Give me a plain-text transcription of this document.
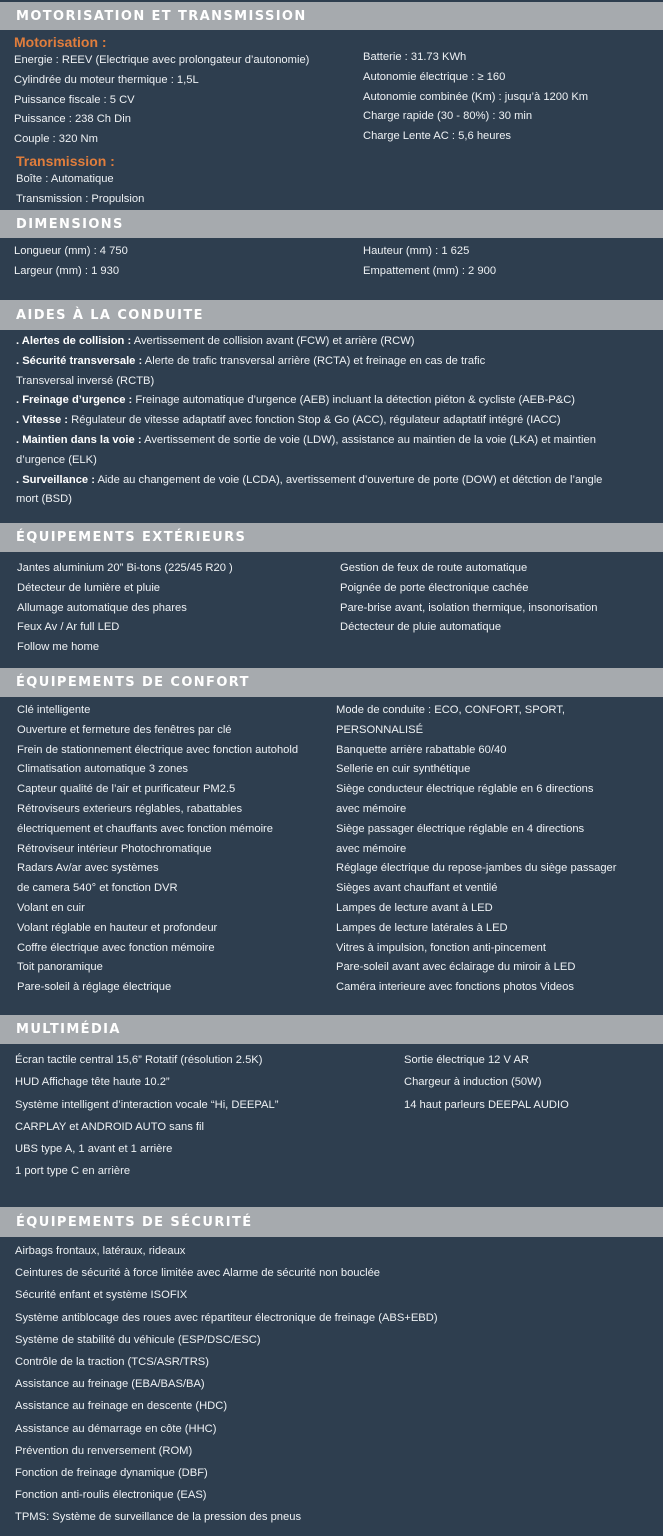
MOTORISATION ET TRANSMISSION
Motorisation :
Energie : REEV (Electrique avec prolongateur d’autonomie)
Cylindrée du moteur thermique : 1,5L
Puissance fiscale : 5 CV
Puissance : 238 Ch Din
Couple : 320 Nm
Transmission :
Boîte : Automatique
Transmission : Propulsion
Batterie : 31.73 KWh
Autonomie électrique : ≥ 160
Autonomie combinée (Km) : jusqu’à 1200 Km
Charge rapide (30 - 80%) : 30 min
Charge Lente AC : 5,6 heures
DIMENSIONS
Longueur (mm) : 4 750
Largeur (mm) : 1 930
Hauteur (mm) : 1 625
Empattement (mm) : 2 900
AIDES À LA CONDUITE
. Alertes de collision : Avertissement de collision avant (FCW) et arrière (RCW)
. Sécurité transversale : Alerte de trafic transversal arrière (RCTA) et freinage en cas de trafic
Transversal inversé (RCTB)
. Freinage d’urgence : Freinage automatique d’urgence (AEB) incluant la détection piéton & cycliste (AEB-P&C)
. Vitesse : Régulateur de vitesse adaptatif avec fonction Stop & Go (ACC), régulateur adaptatif intégré (IACC)
. Maintien dans la voie : Avertissement de sortie de voie (LDW), assistance au maintien de la voie (LKA) et maintien
d’urgence (ELK)
. Surveillance : Aide au changement de voie (LCDA), avertissement d’ouverture de porte (DOW) et détction de l’angle
mort (BSD)
ÉQUIPEMENTS EXTÉRIEURS
Jantes aluminium 20” Bi-tons (225/45 R20 )
Détecteur de lumière et pluie
Allumage automatique des phares
Feux Av / Ar full LED
Follow me home
Gestion de feux de route automatique
Poignée de porte électronique cachée
Pare-brise avant, isolation thermique, insonorisation
Déctecteur de pluie automatique
ÉQUIPEMENTS DE CONFORT
Clé intelligente
Ouverture et fermeture des fenêtres par clé
Frein de stationnement électrique avec fonction autohold
Climatisation automatique 3 zones
Capteur qualité de l’air et purificateur PM2.5
Rétroviseurs exterieurs réglables, rabattables
électriquement et chauffants avec fonction mémoire
Rétroviseur intérieur Photochromatique
Radars Av/ar avec systèmes
de camera 540° et fonction DVR
Volant en cuir
Volant réglable en hauteur et profondeur
Coffre électrique avec fonction mémoire
Toit panoramique
Pare-soleil à réglage électrique
Mode de conduite : ECO, CONFORT, SPORT,
PERSONNALISÉ
Banquette arrière rabattable 60/40
Sellerie en cuir synthétique
Siège conducteur électrique réglable en 6 directions
avec mémoire
Siège passager électrique réglable en 4 directions
avec mémoire
Réglage électrique du repose-jambes du siège passager
Sièges avant chauffant et ventilé
Lampes de lecture avant à LED
Lampes de lecture latérales à LED
Vitres à impulsion, fonction anti-pincement
Pare-soleil avant avec éclairage du miroir à LED
Caméra interieure avec fonctions photos Videos
MULTIMÉDIA
Écran tactile central 15,6” Rotatif (résolution 2.5K)
HUD Affichage tête haute 10.2”
Système intelligent d’interaction vocale “Hi, DEEPAL”
CARPLAY et ANDROID AUTO sans fil
UBS type A, 1 avant et 1 arrière
1 port type C en arrière
Sortie électrique 12 V AR
Chargeur à induction (50W)
14 haut parleurs DEEPAL AUDIO
ÉQUIPEMENTS DE SÉCURITÉ
Airbags frontaux, latéraux, rideaux
Ceintures de sécurité à force limitée avec Alarme de sécurité non bouclée
Sécurité enfant et système ISOFIX
Système antiblocage des roues avec répartiteur électronique de freinage (ABS+EBD)
Système de stabilité du véhicule (ESP/DSC/ESC)
Contrôle de la traction (TCS/ASR/TRS)
Assistance au freinage (EBA/BAS/BA)
Assistance au freinage en descente (HDC)
Assistance au démarrage en côte (HHC)
Prévention du renversement (ROM)
Fonction de freinage dynamique (DBF)
Fonction anti-roulis électronique (EAS)
TPMS: Système de surveillance de la pression des pneus
